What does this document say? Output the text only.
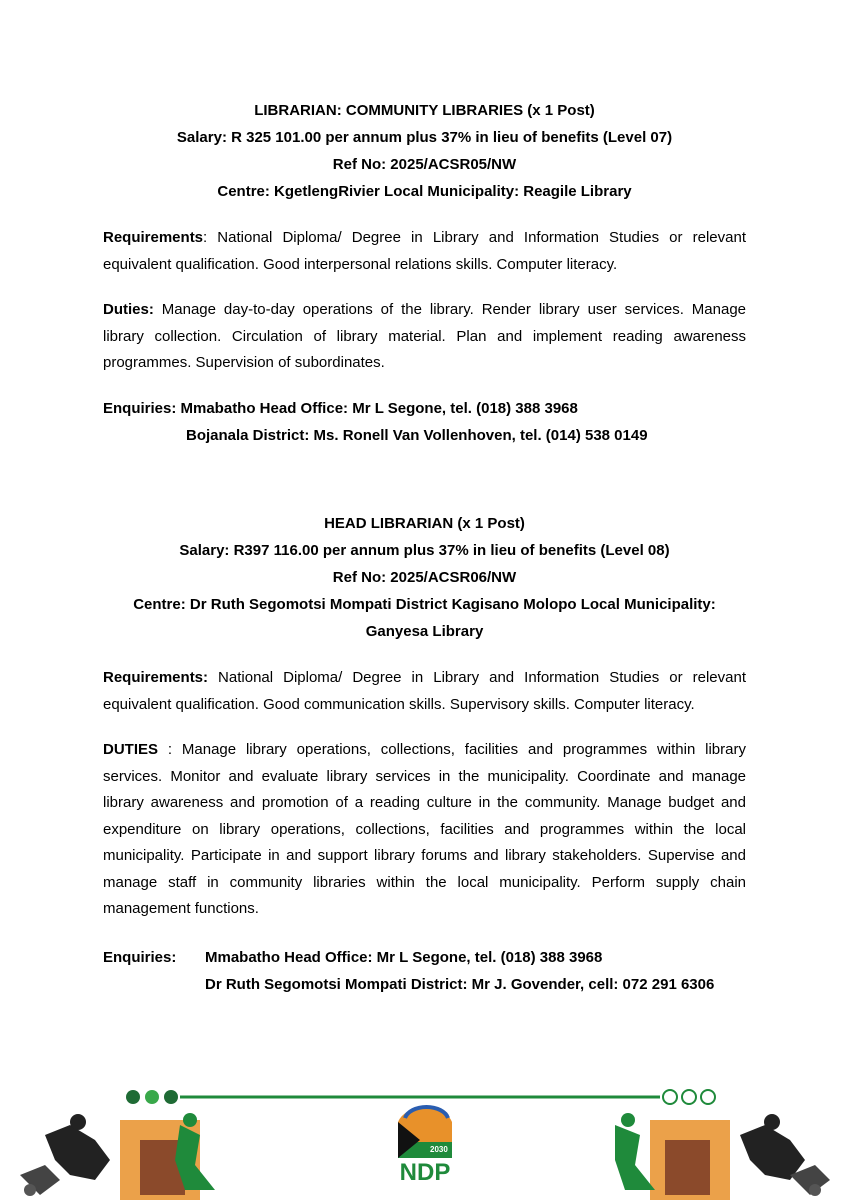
LIBRARIAN: COMMUNITY LIBRARIES (x 1 Post)
Salary: R 325 101.00 per annum plus 37% in lieu of benefits (Level 07)
Ref No: 2025/ACSR05/NW
Centre: KgetlengRivier Local Municipality: Reagile Library
Requirements: National Diploma/ Degree in Library and Information Studies or relevant equivalent qualification. Good interpersonal relations skills. Computer literacy.
Duties: Manage day-to-day operations of the library. Render library user services. Manage library collection. Circulation of library material. Plan and implement reading awareness programmes. Supervision of subordinates.
Enquiries: Mmabatho Head Office: Mr L Segone, tel. (018) 388 3968
Bojanala District: Ms. Ronell Van Vollenhoven, tel. (014) 538 0149
HEAD LIBRARIAN (x 1 Post)
Salary: R397 116.00 per annum plus 37% in lieu of benefits (Level 08)
Ref No: 2025/ACSR06/NW
Centre: Dr Ruth Segomotsi Mompati District Kagisano Molopo Local Municipality:
Ganyesa Library
Requirements: National Diploma/ Degree in Library and Information Studies or relevant equivalent qualification. Good communication skills. Supervisory skills. Computer literacy.
DUTIES : Manage library operations, collections, facilities and programmes within library services. Monitor and evaluate library services in the municipality. Coordinate and manage library awareness and promotion of a reading culture in the community. Manage budget and expenditure on library operations, collections, facilities and programmes within the local municipality. Participate in and support library forums and library stakeholders. Supervise and manage staff in community libraries within the local municipality. Perform supply chain management functions.
Enquiries: Mmabatho Head Office: Mr L Segone, tel. (018) 388 3968
Dr Ruth Segomotsi Mompati District: Mr J. Govender, cell: 072 291 6306
2030
NDP
